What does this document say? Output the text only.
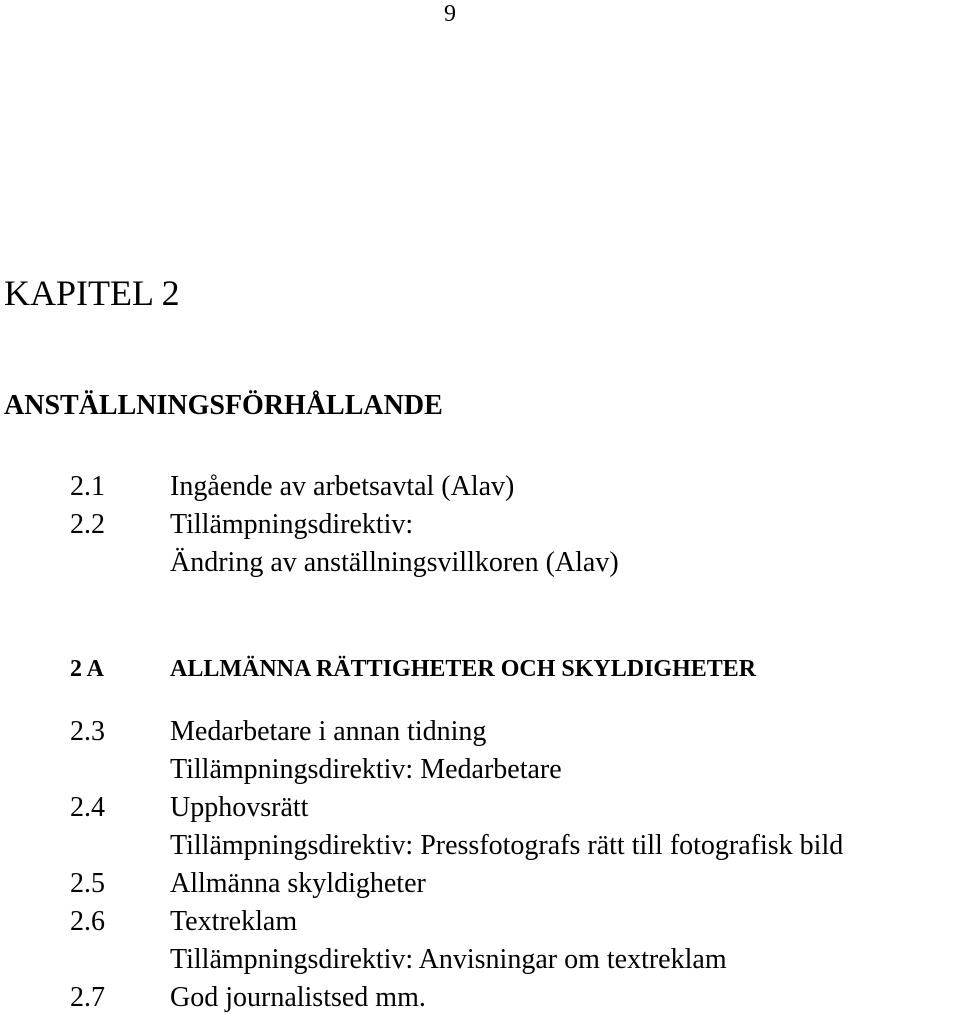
9
KAPITEL 2
ANSTÄLLNINGSFÖRHÅLLANDE
2.1 Ingående av arbetsavtal (Alav)
2.2 Tillämpningsdirektiv:
Ändring av anställningsvillkoren (Alav)
2 A	ALLMÄNNA RÄTTIGHETER OCH SKYLDIGHETER
2.3 Medarbetare i annan tidning
Tillämpningsdirektiv: Medarbetare
2.4 Upphovsrätt
Tillämpningsdirektiv: Pressfotografs rätt till fotografisk bild
2.5 Allmänna skyldigheter
2.6 Textreklam
Tillämpningsdirektiv: Anvisningar om textreklam
2.7 God journalistsed mm.
